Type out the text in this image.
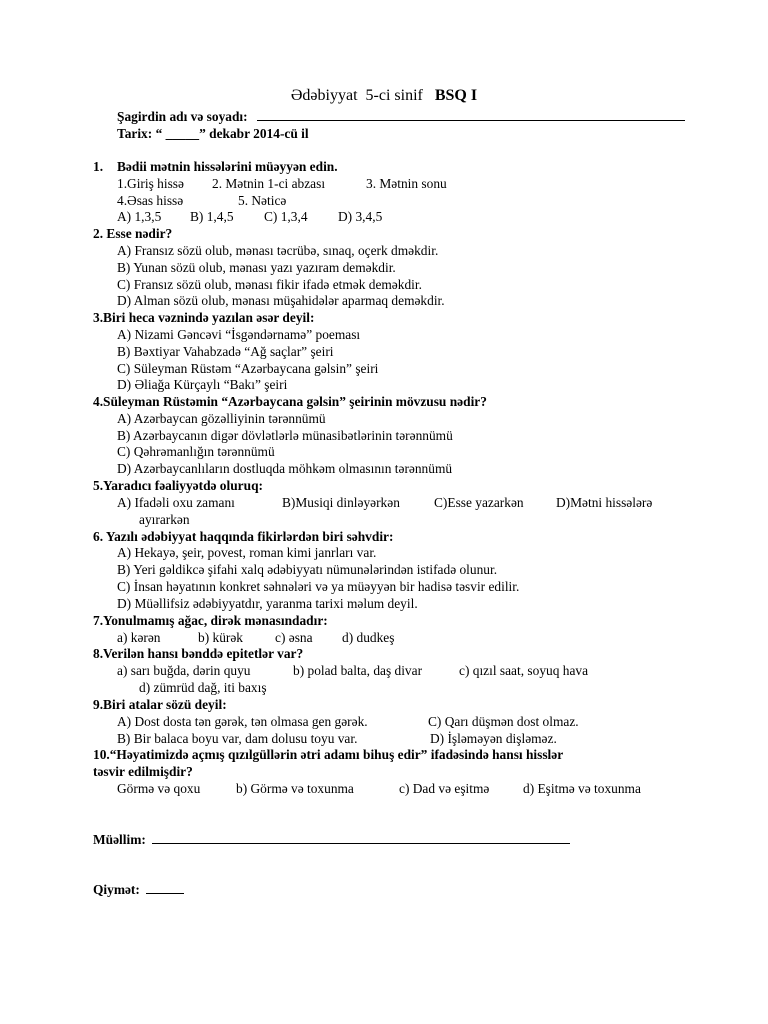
Ədəbiyyat 5-ci sinif BSQ I
Şagirdin adı və soyadı:
Tarix: “ _____” dekabr 2014-cü il
1. Bədii mətnin hissələrini müəyyən edin.
1.Giriş hissə 2. Mətnin 1-ci abzası	3. Mətnin sonu
4.Əsas hissə	5. Nəticə
A) 1,3,5 B) 1,4,5 C) 1,3,4 D) 3,4,5
2. Esse nədir?
A) Fransız sözü olub, mənası təcrübə, sınaq, oçerk dməkdir.
B) Yunan sözü olub, mənası yazı yazıram deməkdir.
C) Fransız sözü olub, mənası fikir ifadə etmək deməkdir.
D) Alman sözü olub, mənası müşahidələr aparmaq deməkdir.
3.Biri heca vəznində yazılan əsər deyil:
A) Nizami Gəncəvi “İsgəndərnamə” poeması
B) Bəxtiyar Vahabzadə “Ağ saçlar” şeiri
C) Süleyman Rüstəm “Azərbaycana gəlsin” şeiri
D) Əliağa Kürçaylı “Bakı” şeiri
4.Süleyman Rüstəmin “Azərbaycana gəlsin” şeirinin mövzusu nədir?
A) Azərbaycan gözəlliyinin tərənnümü
B) Azərbaycanın digər dövlətlərlə münasibətlərinin tərənnümü
C) Qəhrəmanlığın tərənnümü
D) Azərbaycanlıların dostluqda möhkəm olmasının tərənnümü
5.Yaradıcı fəaliyyətdə oluruq:
A) Ifadəli oxu zamanı	B)Musiqi dinləyərkən	C)Esse yazarkən D)Mətni hissələrə
ayırarkən
6. Yazılı ədəbiyyat haqqında fikirlərdən biri səhvdir:
A) Hekayə, şeir, povest, roman kimi janrları var.
B) Yeri gəldikcə şifahi xalq ədəbiyyatı nümunələrindən istifadə olunur.
C) İnsan həyatının konkret səhnələri və ya müəyyən bir hadisə təsvir edilir.
D) Müəllifsiz ədəbiyyatdır, yaranma tarixi məlum deyil.
7.Yonulmamış ağac, dirək mənasındadır:
a) kərən	b) kürək c) əsna d) dudkeş
8.Verilən hansı bənddə epitetlər var?
a) sarı buğda, dərin quyu	b) polad balta, daş divar	c) qızıl saat, soyuq hava
d) zümrüd dağ, iti baxış
9.Biri atalar sözü deyil:
A) Dost dosta tən gərək, tən olmasa gen gərək.	C) Qarı düşmən dost olmaz.
B) Bir balaca boyu var, dam dolusu toyu var.	D) İşləməyən dişləməz.
10.“Həyatimizdə açmış qızılgüllərin ətri adamı bihuş edir” ifadəsində hansı hisslər
təsvir edilmişdir?
Görmə və qoxu	b) Görmə və toxunma	c) Dad və eşitmə	d) Eşitmə və toxunma
Müəllim:
Qiymət:
